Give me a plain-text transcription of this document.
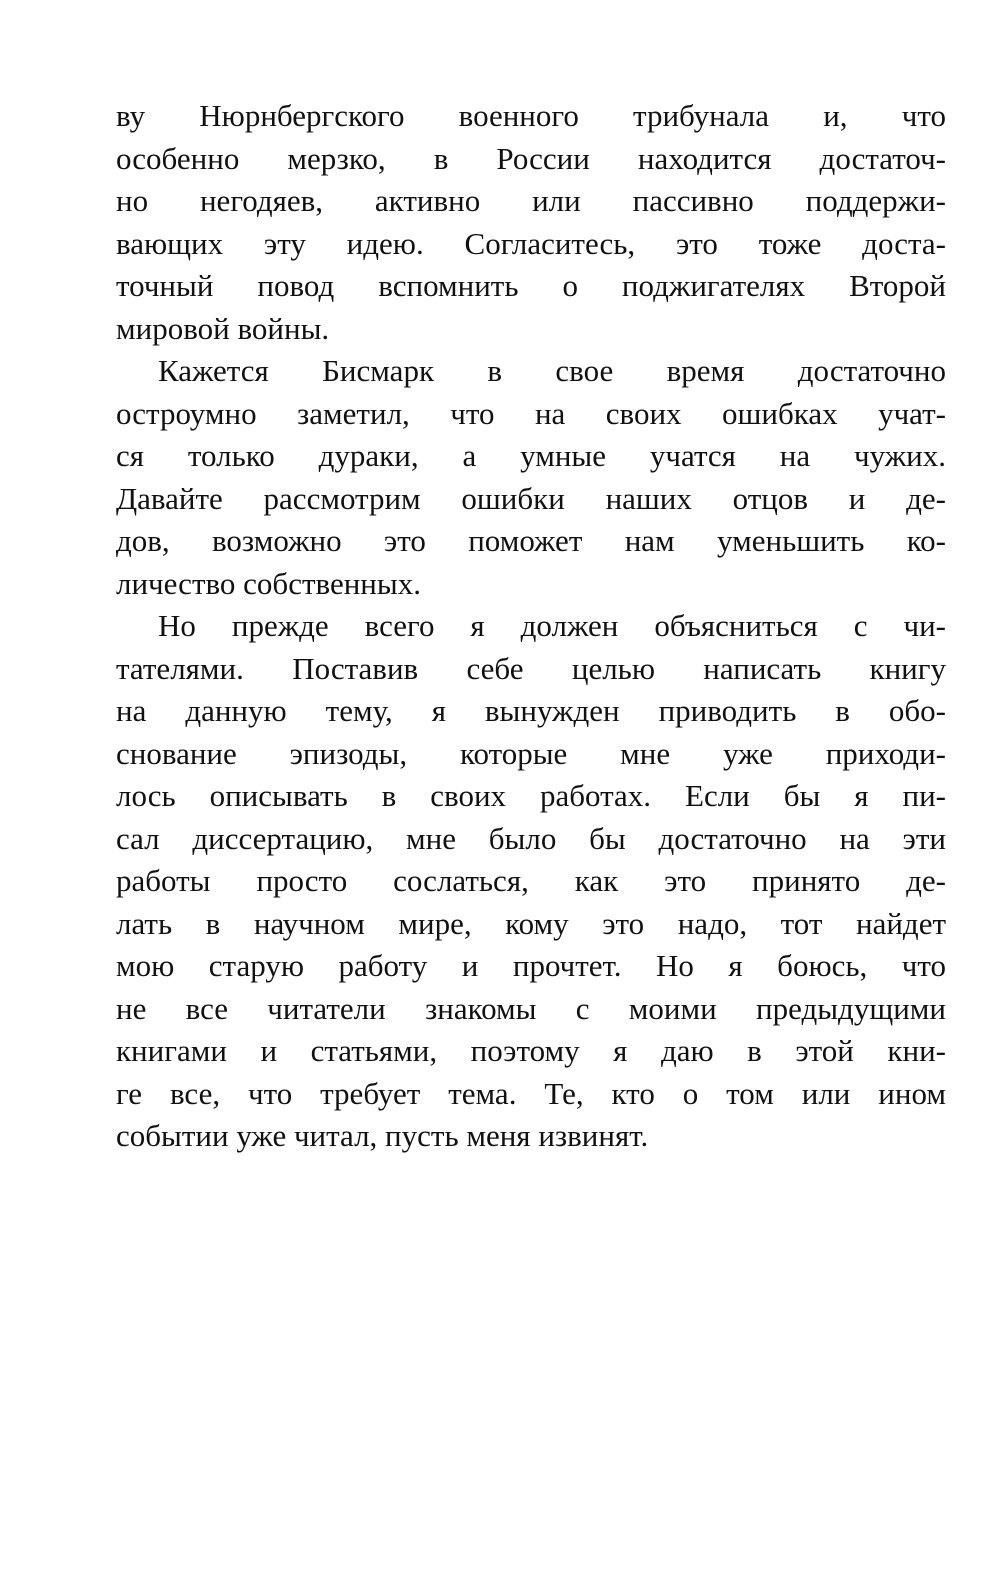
ву Нюрнбергского военного трибунала и, что
особенно мерзко, в России находится достаточ-
но негодяев, активно или пассивно поддержи-
вающих эту идею. Согласитесь, это тоже доста-
точный повод вспомнить о поджигателях Второй
мировой войны.
Кажется Бисмарк в свое время достаточно
остроумно заметил, что на своих ошибках учат-
ся только дураки, а умные учатся на чужих.
Давайте рассмотрим ошибки наших отцов и де-
дов, возможно это поможет нам уменьшить ко-
личество собственных.
Но прежде всего я должен объясниться с чи-
тателями. Поставив себе целью написать книгу
на данную тему, я вынужден приводить в обо-
снование эпизоды, которые мне уже приходи-
лось описывать в своих работах. Если бы я пи-
сал диссертацию, мне было бы достаточно на эти
работы просто сослаться, как это принято де-
лать в научном мире, кому это надо, тот найдет
мою старую работу и прочтет. Но я боюсь, что
не все читатели знакомы с моими предыдущими
книгами и статьями, поэтому я даю в этой кни-
ге все, что требует тема. Те, кто о том или ином
событии уже читал, пусть меня извинят.
